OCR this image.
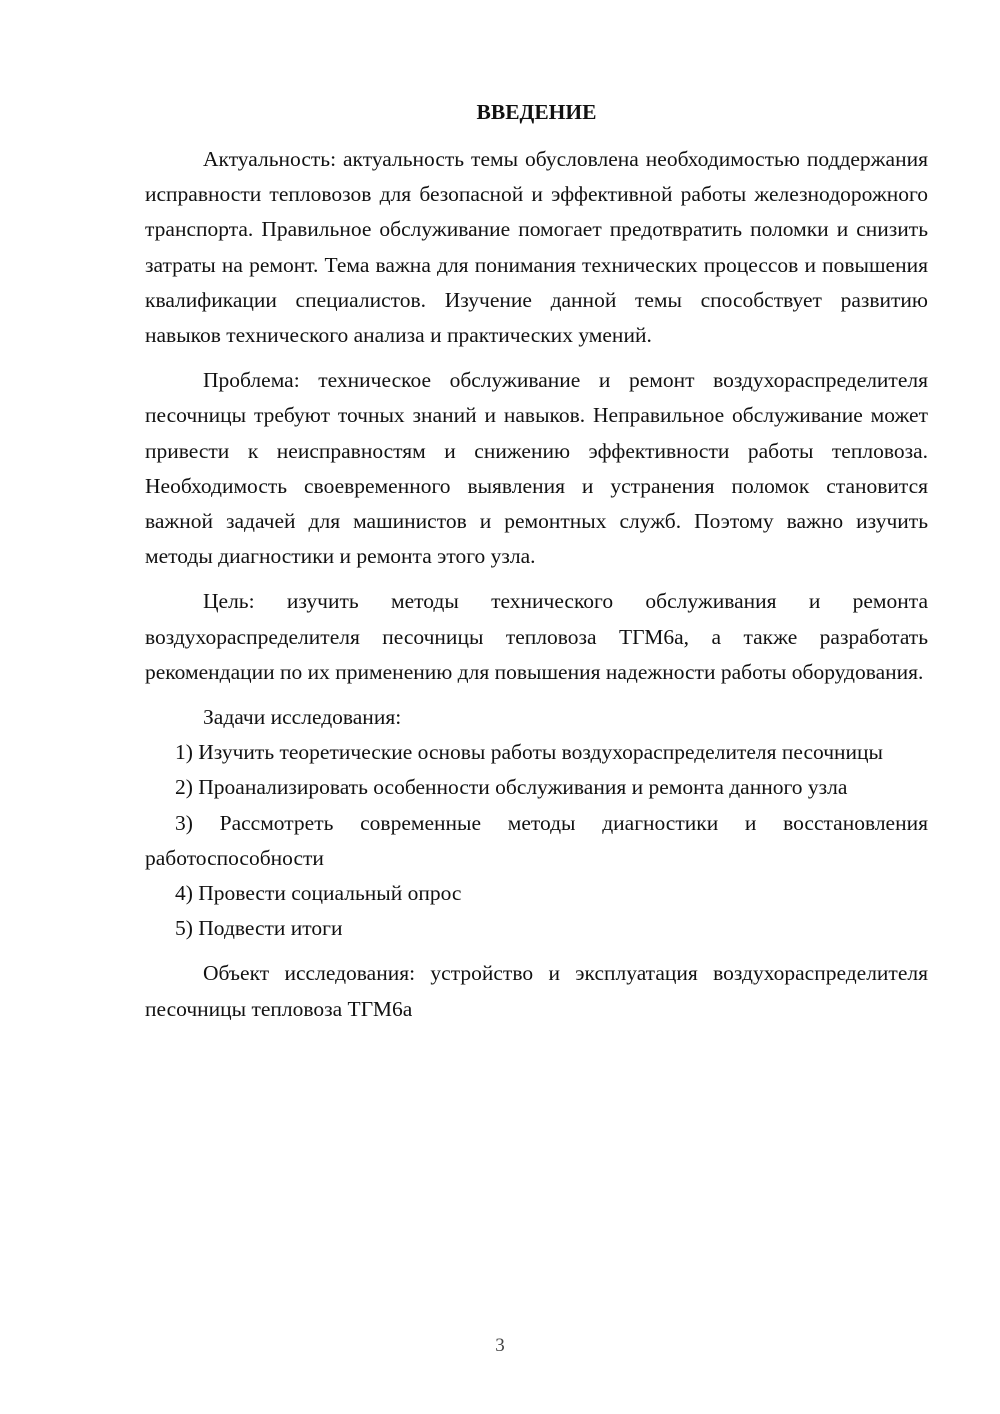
ВВЕДЕНИЕ

Актуальность: актуальность темы обусловлена необходимостью поддержания исправности тепловозов для безопасной и эффективной работы железнодорожного транспорта. Правильное обслуживание помогает предотвратить поломки и снизить затраты на ремонт. Тема важна для понимания технических процессов и повышения квалификации специалистов. Изучение данной темы способствует развитию навыков технического анализа и практических умений.

Проблема: техническое обслуживание и ремонт воздухораспределителя песочницы требуют точных знаний и навыков. Неправильное обслуживание может привести к неисправностям и снижению эффективности работы тепловоза. Необходимость своевременного выявления и устранения поломок становится важной задачей для машинистов и ремонтных служб. Поэтому важно изучить методы диагностики и ремонта этого узла.

Цель: изучить методы технического обслуживания и ремонта воздухораспределителя песочницы тепловоза ТГМ6а, а также разработать рекомендации по их применению для повышения надежности работы оборудования.

Задачи исследования:

1) Изучить теоретические основы работы воздухораспределителя песочницы

2) Проанализировать особенности обслуживания и ремонта данного узла

3) Рассмотреть современные методы диагностики и восстановления работоспособности

4) Провести социальный опрос

5) Подвести итоги

Объект исследования: устройство и эксплуатация воздухораспределителя песочницы тепловоза ТГМ6а

3
